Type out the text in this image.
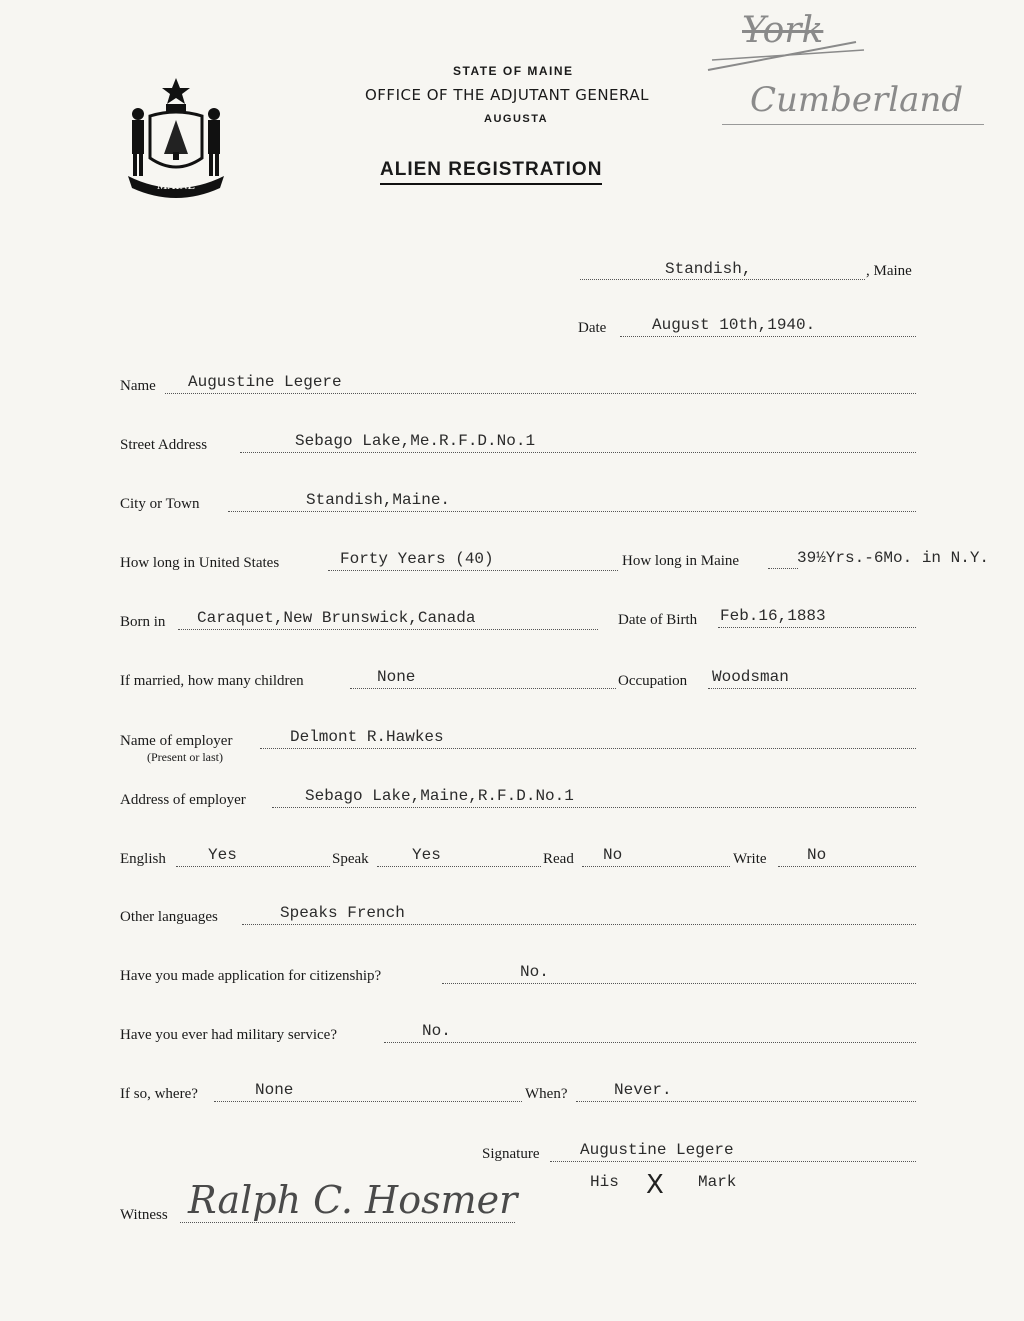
MAINE
STATE OF MAINE
OFFICE OF THE ADJUTANT GENERAL
AUGUSTA
ALIEN REGISTRATION
York
Cumberland
Standish,	, Maine
Date	August 10th,1940.
Name Augustine Legere
Street Address	Sebago Lake,Me.R.F.D.No.1
City or Town	Standish,Maine.
How long in United States	Forty Years (40)	How long in Maine	39½Yrs.-6Mo. in N.Y.
Born in Caraquet,New Brunswick,Canada	Date of Birth Feb.16,1883
If married, how many children	None	Occupation Woodsman
Name of employer
(Present or last)
Delmont R.Hawkes
Address of employer	Sebago Lake,Maine,R.F.D.No.1
English	Yes	Speak	Yes	Read No	Write	No
Other languages	Speaks French
Have you made application for citizenship?	No.
Have you ever had military service?	No.
If so, where?	None	When?	Never.
Signature	Augustine Legere
His X Mark
Witness Ralph C. Hosmer
